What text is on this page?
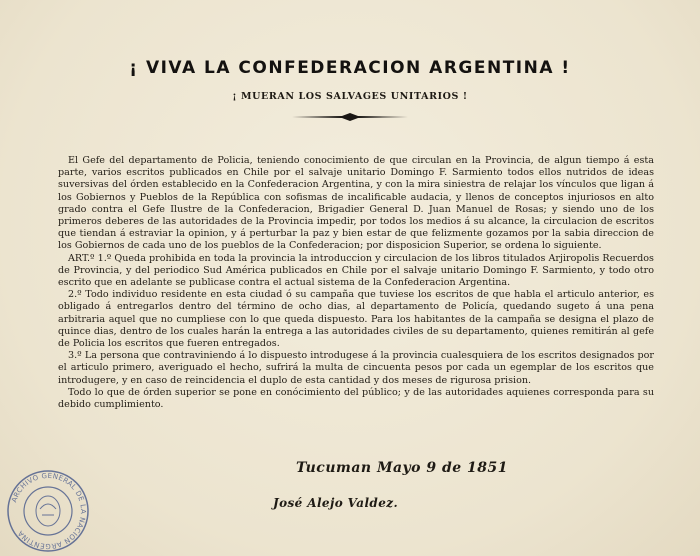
¡ VIVA LA CONFEDERACION ARGENTINA !
¡ MUERAN LOS SALVAGES UNITARIOS !

El Gefe del departamento de Policia, teniendo conocimiento de que circulan en la Provincia, de algun tiempo á esta parte, varios escritos publicados en Chile por el salvaje unitario Domingo F. Sarmiento todos ellos nutridos de ideas suversivas del órden establecido en la Confederacion Argentina, y con la mira siniestra de relajar los vínculos que ligan á los Gobiernos y Pueblos de la República con sofismas de incalificable audacia, y llenos de conceptos injuriosos en alto grado contra el Gefe Ilustre de la Confederacion, Brigadier General D. Juan Manuel de Rosas; y siendo uno de los primeros deberes de las autoridades de la Provincia impedir, por todos los medios á su alcance, la circulacion de escritos que tiendan á estraviar la opinion, y á perturbar la paz y bien estar de que felizmente gozamos por la sabia direccion de los Gobiernos de cada uno de los pueblos de la Confederacion; por disposicion Superior, se ordena lo siguiente.

ART.º 1.º Queda prohibida en toda la provincia la introduccion y circulacion de los libros titulados Arjiropolis Recuerdos de Provincia, y del periodico Sud América publicados en Chile por el salvaje unitario Domingo F. Sarmiento, y todo otro escrito que en adelante se publicase contra el actual sistema de la Confederacion Argentina.

2.º Todo individuo residente en esta ciudad ó su campaña que tuviese los escritos de que habla el articulo anterior, es obligado á entregarlos dentro del término de ocho dias, al departamento de Policía, quedando sugeto á una pena arbitraria aquel que no cumpliese con lo que queda dispuesto. Para los habitantes de la campaña se designa el plazo de quince dias, dentro de los cuales harán la entrega a las autoridades civiles de su departamento, quienes remitirán al gefe de Policia los escritos que fueren entregados.

3.º La persona que contraviniendo á lo dispuesto introdugese á la provincia cualesquiera de los escritos designados por el articulo primero, averiguado el hecho, sufrirá la multa de cincuenta pesos por cada un egemplar de los escritos que introdugere, y en caso de reincidencia el duplo de esta cantidad y dos meses de rigurosa prision.

Todo lo que de órden superior se pone en conócimiento del público; y de las autoridades aquienes corresponda para su debido cumplimiento.

Tucuman Mayo 9 de 1851
José Alejo Valdez.
ARCHIVO GENERAL DE LA NACION ARGENTINA
